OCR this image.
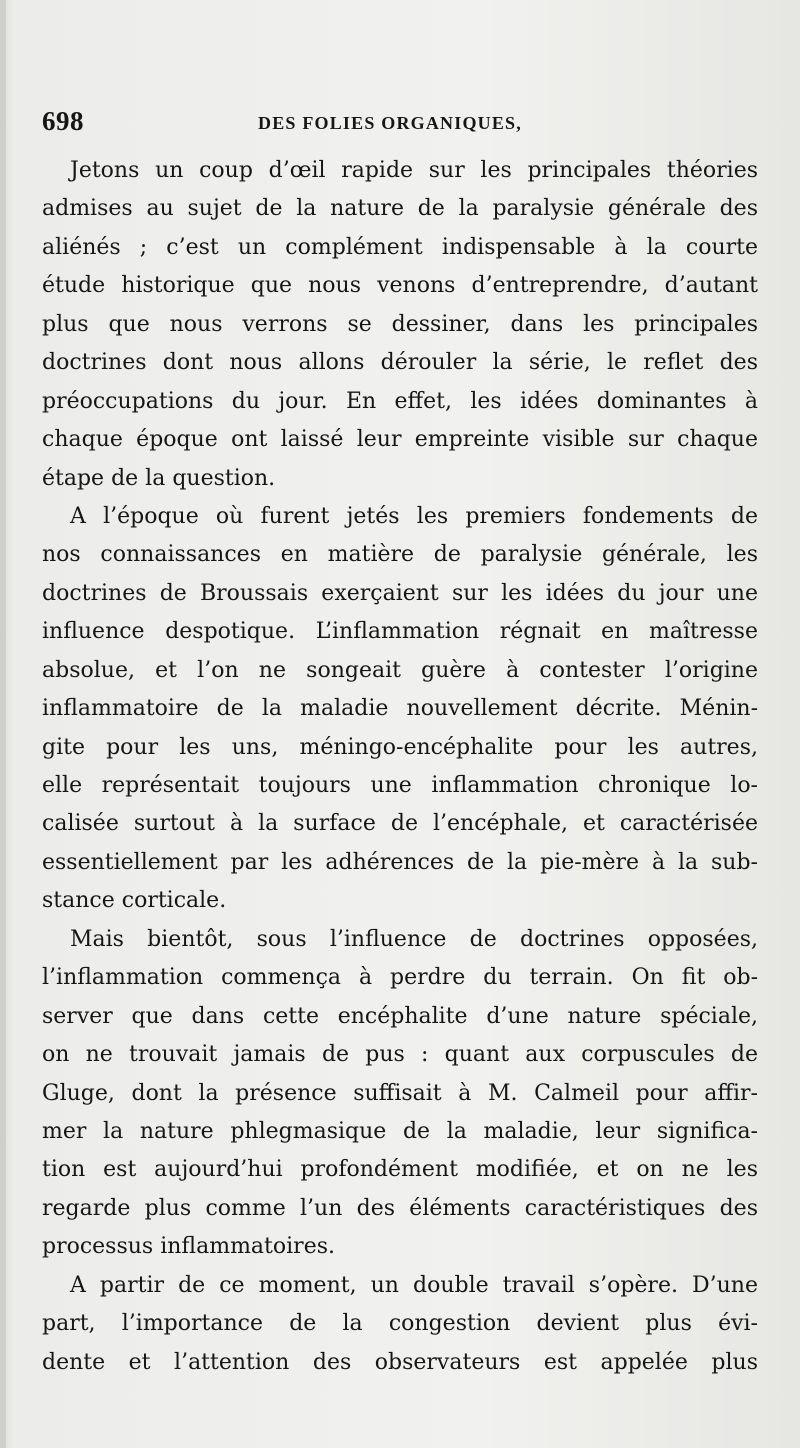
698	DES FOLIES ORGANIQUES,
Jetons un coup d’œil rapide sur les principales théories
admises au sujet de la nature de la paralysie générale des
aliénés ; c’est un complément indispensable à la courte
étude historique que nous venons d’entreprendre, d’autant
plus que nous verrons se dessiner, dans les principales
doctrines dont nous allons dérouler la série, le reflet des
préoccupations du jour. En effet, les idées dominantes à
chaque époque ont laissé leur empreinte visible sur chaque
étape de la question.
A l’époque où furent jetés les premiers fondements de
nos connaissances en matière de paralysie générale, les
doctrines de Broussais exerçaient sur les idées du jour une
influence despotique. L’inflammation régnait en maîtresse
absolue, et l’on ne songeait guère à contester l’origine
inflammatoire de la maladie nouvellement décrite. Ménin-
gite pour les uns, méningo-encéphalite pour les autres,
elle représentait toujours une inflammation chronique lo-
calisée surtout à la surface de l’encéphale, et caractérisée
essentiellement par les adhérences de la pie-mère à la sub-
stance corticale.
Mais bientôt, sous l’influence de doctrines opposées,
l’inflammation commença à perdre du terrain. On fit ob-
server que dans cette encéphalite d’une nature spéciale,
on ne trouvait jamais de pus : quant aux corpuscules de
Gluge, dont la présence suffisait à M. Calmeil pour affir-
mer la nature phlegmasique de la maladie, leur significa-
tion est aujourd’hui profondément modifiée, et on ne les
regarde plus comme l’un des éléments caractéristiques des
processus inflammatoires.
A partir de ce moment, un double travail s’opère. D’une
part, l’importance de la congestion devient plus évi-
dente et l’attention des observateurs est appelée plus
